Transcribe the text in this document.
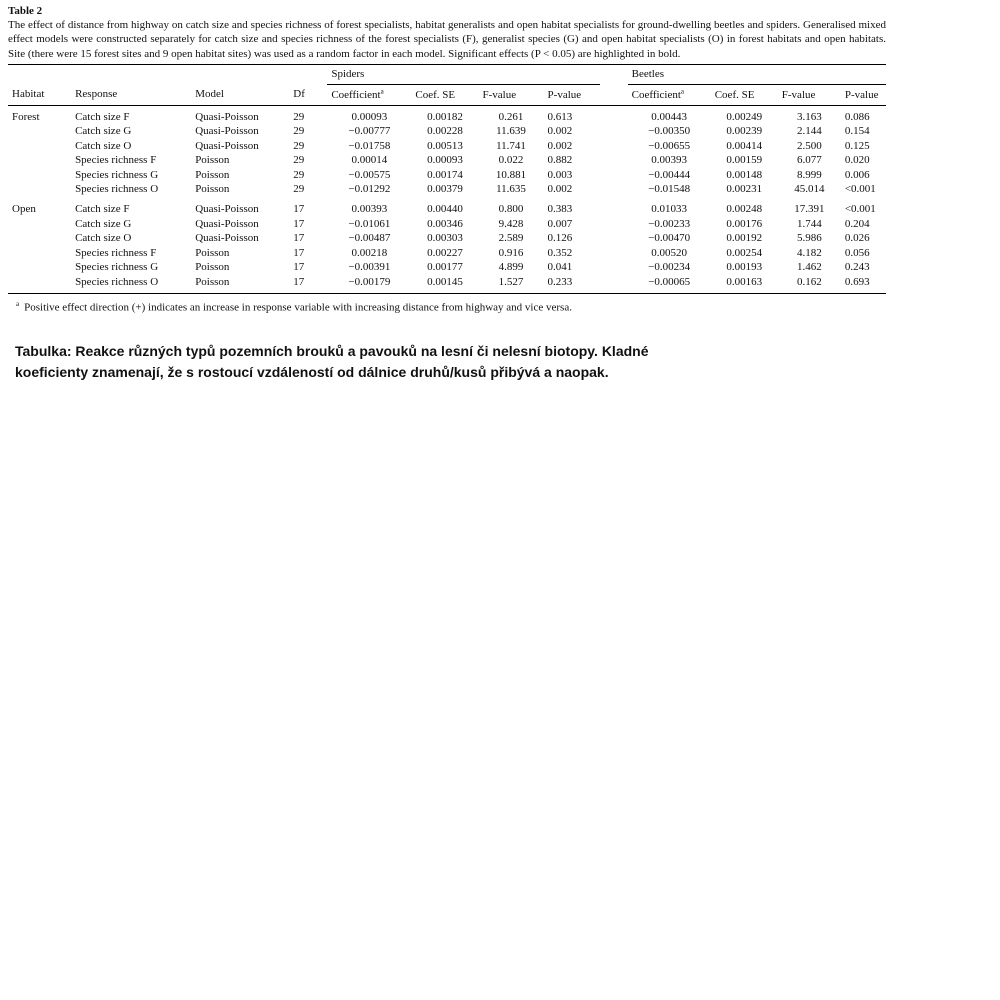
Table 2

The effect of distance from highway on catch size and species richness of forest specialists, habitat generalists and open habitat specialists for ground-dwelling beetles and spiders. Generalised mixed effect models were constructed separately for catch size and species richness of the forest specialists (F), generalist species (G) and open habitat specialists (O) in forest habitats and open habitats. Site (there were 15 forest sites and 9 open habitat sites) was used as a random factor in each model. Significant effects (P < 0.05) are highlighted in bold.

				Spiders					Beetles			
Habitat	Response	Model	Df	Coefficient$^a$	Coef. SE	F-value	P-value		Coefficient$^a$	Coef. SE	F-value	P-value
Forest	Catch size F	Quasi-Poisson	29	0.00093	0.00182	0.261	0.613		0.00443	0.00249	3.163	0.086
	Catch size G	Quasi-Poisson	29	−0.00777	0.00228	11.639	0.002		−0.00350	0.00239	2.144	0.154
	Catch size O	Quasi-Poisson	29	−0.01758	0.00513	11.741	0.002		−0.00655	0.00414	2.500	0.125
	Species richness F	Poisson	29	0.00014	0.00093	0.022	0.882		0.00393	0.00159	6.077	0.020
	Species richness G	Poisson	29	−0.00575	0.00174	10.881	0.003		−0.00444	0.00148	8.999	0.006
	Species richness O	Poisson	29	−0.01292	0.00379	11.635	0.002		−0.01548	0.00231	45.014	<0.001
Open	Catch size F	Quasi-Poisson	17	0.00393	0.00440	0.800	0.383		0.01033	0.00248	17.391	<0.001
	Catch size G	Quasi-Poisson	17	−0.01061	0.00346	9.428	0.007		−0.00233	0.00176	1.744	0.204
	Catch size O	Quasi-Poisson	17	−0.00487	0.00303	2.589	0.126		−0.00470	0.00192	5.986	0.026
	Species richness F	Poisson	17	0.00218	0.00227	0.916	0.352		0.00520	0.00254	4.182	0.056
	Species richness G	Poisson	17	−0.00391	0.00177	4.899	0.041		−0.00234	0.00193	1.462	0.243
	Species richness O	Poisson	17	−0.00179	0.00145	1.527	0.233		−0.00065	0.00163	0.162	0.693
$^a$ Positive effect direction (+) indicates an increase in response variable with increasing distance from highway and vice versa.
Tabulka: Reakce různých typů pozemních brouků a pavouků na lesní či nelesní biotopy. Kladné koeficienty znamenají, že s rostoucí vzdáleností od dálnice druhů/kusů přibývá a naopak.
